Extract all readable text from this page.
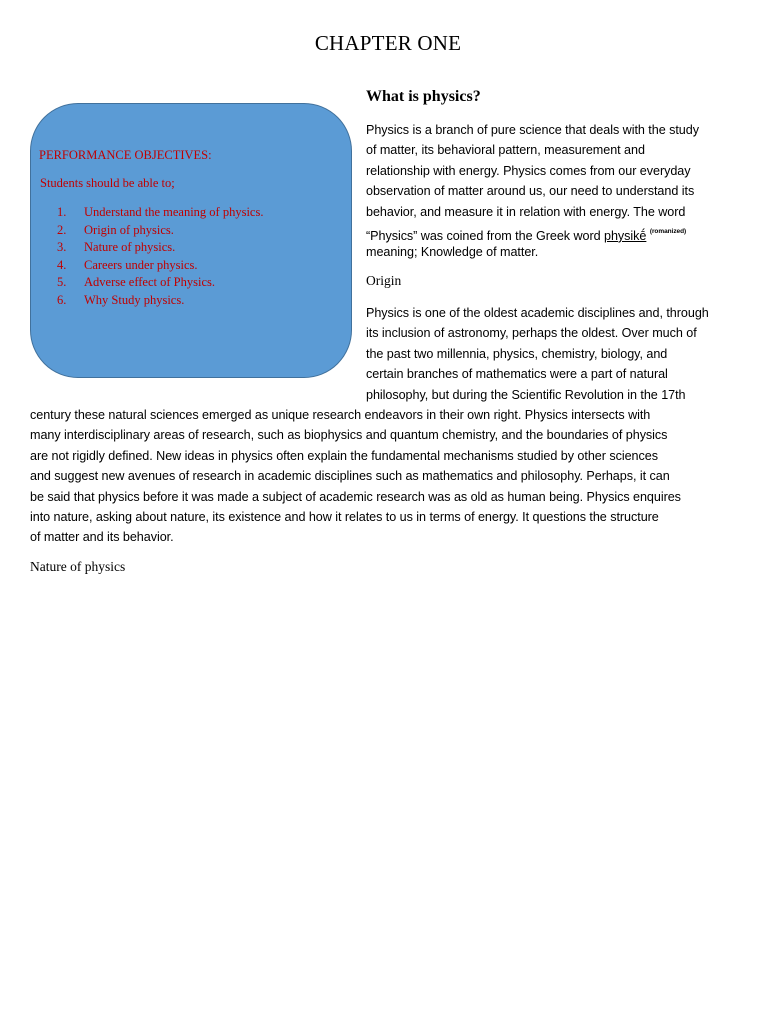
CHAPTER ONE
PERFORMANCE OBJECTIVES:
Students should be able to;
1. Understand the meaning of physics.
2. Origin of physics.
3. Nature of physics.
4. Careers under physics.
5. Adverse effect of Physics.
6. Why Study physics.
What is physics?
Physics is a branch of pure science that deals with the study
of matter, its behavioral pattern, measurement and
relationship with energy. Physics comes from our everyday
observation of matter around us, our need to understand its
behavior, and measure it in relation with energy. The word
“Physics” was coined from the Greek word physikḗ $^{(romanized)}$
meaning; Knowledge of matter.
Origin
Physics is one of the oldest academic disciplines and, through
its inclusion of astronomy, perhaps the oldest. Over much of
the past two millennia, physics, chemistry, biology, and
certain branches of mathematics were a part of natural
philosophy, but during the Scientific Revolution in the 17th
century these natural sciences emerged as unique research endeavors in their own right. Physics intersects with
many interdisciplinary areas of research, such as biophysics and quantum chemistry, and the boundaries of physics
are not rigidly defined. New ideas in physics often explain the fundamental mechanisms studied by other sciences
and suggest new avenues of research in academic disciplines such as mathematics and philosophy. Perhaps, it can
be said that physics before it was made a subject of academic research was as old as human being. Physics enquires
into nature, asking about nature, its existence and how it relates to us in terms of energy. It questions the structure
of matter and its behavior.
Nature of physics
